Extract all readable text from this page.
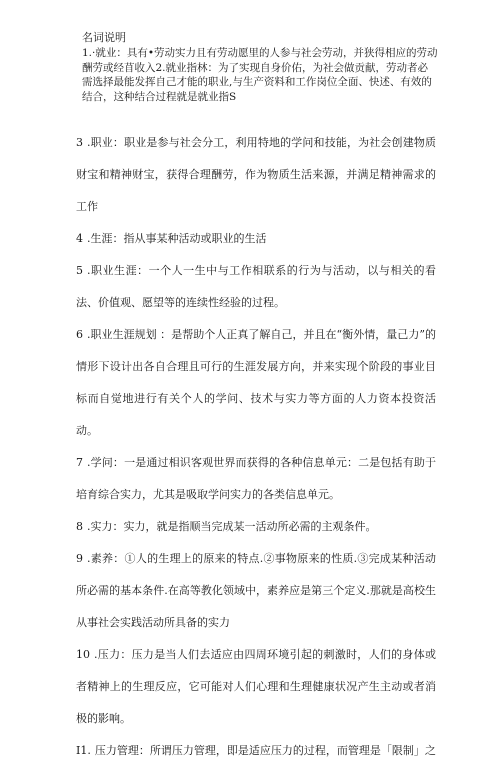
名词说明

1.·就业：具有•劳动实力且有劳动愿里的人参与社会劳动，并狭得相应的劳动酬劳或经苜收入2.就业指林：为了实现自身价佑，为社会做贡献，劳动者必需选择最能发挥自己才能的职业,与生产资料和工作岗位全面、快述、有效的结合，这种结合过程就是就业指S

3 .职业：职业是参与社会分工，利用特地的学问和技能，为社会创建物质财宝和精神财宝，获得合理酬劳，作为物质生活来源，并满足精神需求的工作

4 .生涯：指从事某种活动或职业的生活

5 .职业生涯：一个人一生中与工作相联系的行为与活动，以与相关的看法、价值观、愿望等的连续性经验的过程。

6 .职业生涯规划 ：是帮助个人正真了解自己，并且在“衡外情，量己力”的情形下设计出各自合理且可行的生涯发展方向，并来实现个阶段的事业目标而自觉地进行有关个人的学问、技术与实力等方面的人力资本投资活动。

7 .学问：一是通过相识客观世界而获得的各种信息单元：二是包括有助于培育综合实力，尤其是吸取学问实力的各类信息单元。

8 .实力：实力，就是指顺当完成某一活动所必需的主观条件。

9 .素养：①人的生理上的原来的特点.②事物原来的性质.③完成某种活动所必需的基本条件.在高等教化领域中，素养应是第三个定义.那就是高校生从事社会实践活动所具备的实力

10 .压力：压力是当人们去适应由四周环境引起的刺激时，人们的身体或者精神上的生理反应，它可能对人们心理和生理健康状况产生主动或者消极的影响。

I1. 压力管理：所谓压力管理，即是适应压力的过程，而管理是「限制」之
